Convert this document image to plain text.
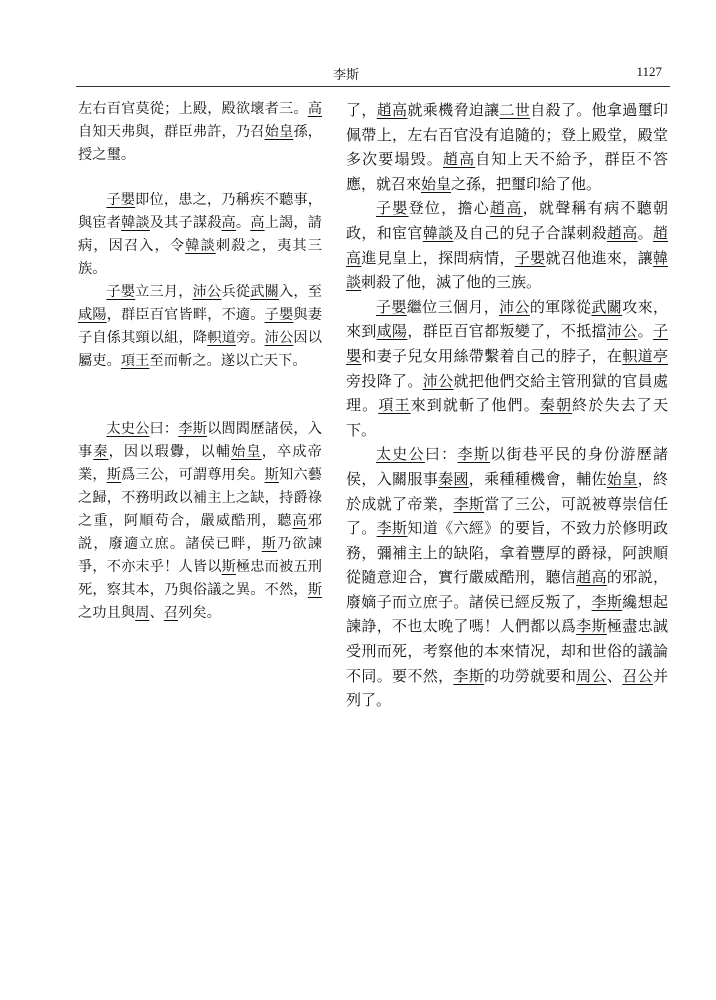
李斯	1127

左右百官莫從；上殿，殿欲壞者三。高自知天弗與，群臣弗許，乃召始皇孫，授之璽。

子嬰即位，患之，乃稱疾不聽事，與宦者韓談及其子謀殺高。高上謁，請病，因召入，令韓談刺殺之，夷其三族。

子嬰立三月，沛公兵從武關入，至咸陽，群臣百官皆畔，不適。子嬰與妻子自係其頸以組，降軹道旁。沛公因以屬吏。項王至而斬之。遂以亡天下。

太史公曰：李斯以閭閻歷諸侯，入事秦，因以瑕釁，以輔始皇，卒成帝業，斯爲三公，可謂尊用矣。斯知六藝之歸，不務明政以補主上之缺，持爵祿之重，阿順苟合，嚴威酷刑，聽高邪説，廢適立庶。諸侯已畔，斯乃欲諫爭，不亦末乎！人皆以斯極忠而被五刑死，察其本，乃與俗議之異。不然，斯之功且與周、召列矣。

了，趙高就乘機脅迫讓二世自殺了。他拿過璽印佩帶上，左右百官没有追隨的；登上殿堂，殿堂多次要塌毁。趙高自知上天不給予，群臣不答應，就召來始皇之孫，把璽印給了他。

子嬰登位，擔心趙高，就聲稱有病不聽朝政，和宦官韓談及自己的兒子合謀刺殺趙高。趙高進見皇上，探問病情，子嬰就召他進來，讓韓談刺殺了他，滅了他的三族。

子嬰繼位三個月，沛公的軍隊從武關攻來，來到咸陽，群臣百官都叛變了，不抵擋沛公。子嬰和妻子兒女用絲帶繫着自己的脖子，在軹道亭旁投降了。沛公就把他們交給主管刑獄的官員處理。項王來到就斬了他們。秦朝終於失去了天下。

太史公曰：李斯以街巷平民的身份游歷諸侯，入關服事秦國，乘種種機會，輔佐始皇，終於成就了帝業，李斯當了三公，可説被尊崇信任了。李斯知道《六經》的要旨，不致力於修明政務，彌補主上的缺陷，拿着豐厚的爵禄，阿諛順從隨意迎合，實行嚴威酷刑，聽信趙高的邪説，廢嫡子而立庶子。諸侯已經反叛了，李斯纔想起諫諍，不也太晚了嗎！人們都以爲李斯極盡忠誠受刑而死，考察他的本來情况，却和世俗的議論不同。要不然，李斯的功勞就要和周公、召公并列了。
